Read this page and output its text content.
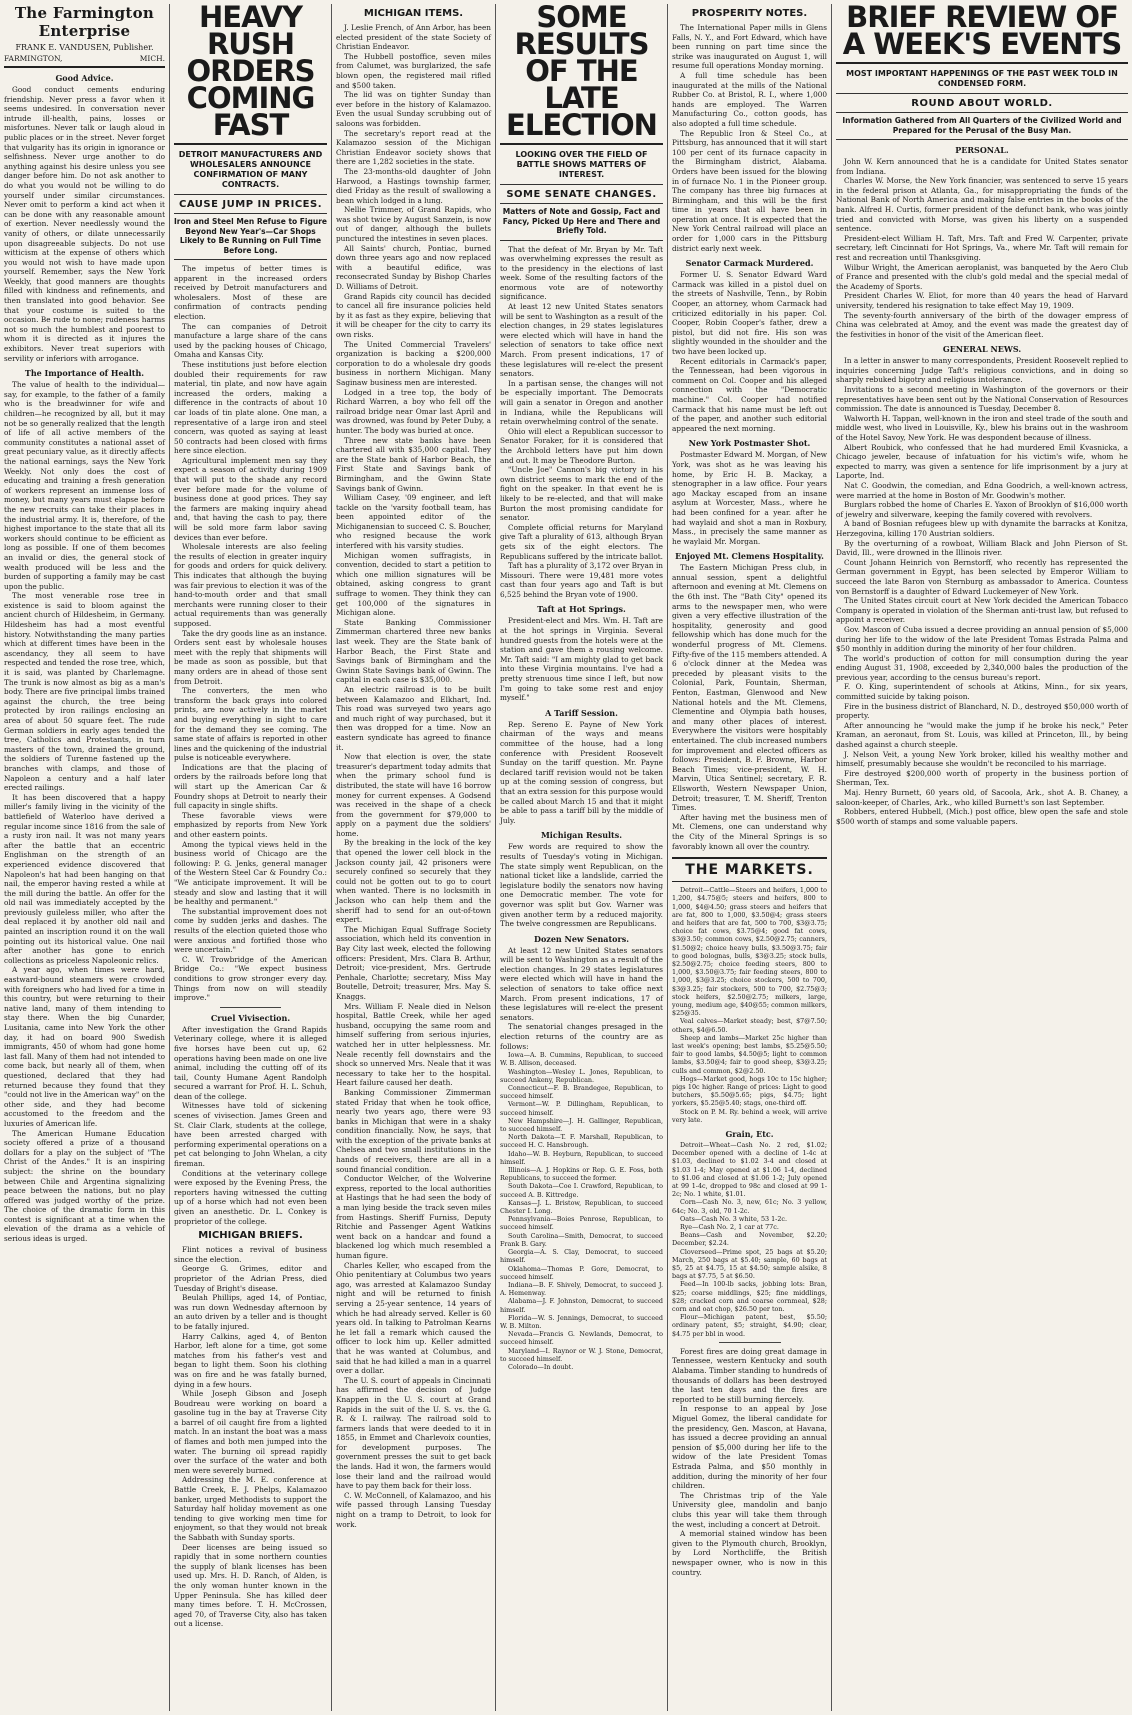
The Farmington Enterprise
FRANK E. VANDUSEN, Publisher.
FARMINGTON,	MICH.
Good Advice.

Good conduct cements enduring friendship. Never press a favor when it seems undesired. In conversation never intrude ill-health, pains, losses or misfortunes. Never talk or laugh aloud in public places or in the street. Never forget that vulgarity has its origin in ignorance or selfishness. Never urge another to do anything against his desire unless you see danger before him. Do not ask another to do what you would not be willing to do yourself under similar circumstances. Never omit to perform a kind act when it can be done with any reasonable amount of exertion. Never needlessly wound the vanity of others, or dilate unnecessarily upon disagreeable subjects. Do not use witticism at the expense of others which you would not wish to have made upon yourself. Remember, says the New York Weekly, that good manners are thoughts filled with kindness and refinements, and then translated into good behavior. See that your costume is suited to the occasion. Be rude to none; rudeness harms not so much the humblest and poorest to whom it is directed as it injures the exhibitors. Never treat superiors with servility or inferiors with arrogance.

The Importance of Health.

The value of health to the individual—say, for example, to the father of a family who is the breadwinner for wife and children—he recognized by all, but it may not be so generally realized that the length of life of all active members of the community constitutes a national asset of great pecuniary value, as it directly affects the national earnings, says the New York Weekly. Not only does the cost of educating and training a fresh generation of workers represent an immense loss of money, but many years must elapse before the new recruits can take their places in the industrial army. It is, therefore, of the highest importance to the state that all its workers should continue to be efficient as long as possible. If one of them becomes an invalid or dies, the general stock of wealth produced will be less and the burden of supporting a family may be cast upon the public.

The most venerable rose tree in existence is said to bloom against the ancient church of Hildesheim, in Germany. Hildesheim has had a most eventful history. Notwithstanding the many parties which at different times have been in the ascendancy, they all seem to have respected and tended the rose tree, which, it is said, was planted by Charlemagne. The trunk is now almost as big as a man's body. There are five principal limbs trained against the church, the tree being protected by iron railings enclosing an area of about 50 square feet. The rude German soldiers in early ages tended the tree, Catholics and Protestants, in turn masters of the town, drained the ground, the soldiers of Turenne fastened up the branches with clamps, and those of Napoleon a century and a half later erected railings.

It has been discovered that a happy miller's family living in the vicinity of the battlefield of Waterloo have derived a regular income since 1816 from the sale of a rusty iron nail. It was not many years after the battle that an eccentric Englishman on the strength of an experienced evidence discovered that Napoleon's hat had been hanging on that nail, the emperor having rested a while at the mill during the battle. An offer for the old nail was immediately accepted by the previously guileless miller, who after the deal replaced it by another old nail and painted an inscription round it on the wall pointing out its historical value. One nail after another has gone to enrich collections as priceless Napoleonic relics.

A year ago, when times were hard, eastward-bound steamers were crowded with foreigners who had lived for a time in this country, but were returning to their native land, many of them intending to stay there. When the big Cunarder, Lusitania, came into New York the other day, it had on board 900 Swedish immigrants, 450 of whom had gone home last fall. Many of them had not intended to come back, but nearly all of them, when questioned, declared that they had returned because they found that they "could not live in the American way" on the other side, and they had become accustomed to the freedom and the luxuries of American life.

The American Humane Education society offered a prize of a thousand dollars for a play on the subject of "The Christ of the Andes." It is an inspiring subject: the shrine on the boundary between Chile and Argentina signalizing peace between the nations, but no play offered was judged worthy of the prize. The choice of the dramatic form in this contest is significant at a time when the elevation of the drama as a vehicle of serious ideas is urged.

HEAVY RUSH ORDERS COMING FAST
DETROIT MANUFACTURERS AND WHOLESALERS ANNOUNCE CONFIRMATION OF MANY CONTRACTS.
CAUSE JUMP IN PRICES.
Iron and Steel Men Refuse to Figure Beyond New Year's—Car Shops Likely to Be Running on Full Time Before Long.

The impetus of better times is apparent in the increased orders received by Detroit manufacturers and wholesalers. Most of these are confirmation of contracts pending election.

The can companies of Detroit manufacture a large share of the cans used by the packing houses of Chicago, Omaha and Kansas City.

These institutions just before election doubled their requirements for raw material, tin plate, and now have again increased the orders, making a difference in the contracts of about 10 car loads of tin plate alone. One man, a representative of a large iron and steel concern, was quoted as saying at least 50 contracts had been closed with firms here since election.

Agricultural implement men say they expect a season of activity during 1909 that will put to the shade any record ever before made for the volume of business done at good prices. They say the farmers are making inquiry ahead and, that having the cash to pay, there will be sold more farm labor saving devices than ever before.

Wholesale interests are also feeling the results of election in greater inquiry for goods and orders for quick delivery. This indicates that although the buying was fair previous to election it was of the hand-to-mouth order and that small merchants were running closer to their actual requirements than was generally supposed.

Take the dry goods line as an instance. Orders sent east by wholesale houses meet with the reply that shipments will be made as soon as possible, but that many orders are in ahead of those sent from Detroit.

The converters, the men who transform the back grays into colored prints, are now actively in the market and buying everything in sight to care for the demand they see coming. The same state of affairs is reported in other lines and the quickening of the industrial pulse is noticeable everywhere.

Indications are that the placing of orders by the railroads before long that will start up the American Car & Foundry shops at Detroit to nearly their full capacity in single shifts.

These favorable views were emphasized by reports from New York and other eastern points.

Among the typical views held in the business world of Chicago are the following: P. G. Jenks, general manager of the Western Steel Car & Foundry Co.: "We anticipate improvement. It will be steady and slow and lasting that it will be healthy and permanent."

The substantial improvement does not come by sudden jerks and dashes. The results of the election quieted those who were anxious and fortified those who were uncertain."

C. W. Trowbridge of the American Bridge Co.: "We expect business conditions to grow stronger every day. Things from now on will steadily improve."

Cruel Vivisection.

After investigation the Grand Rapids Veterinary college, where it is alleged five horses have been cut up, 62 operations having been made on one live animal, including the cutting off of its tail, County Humane Agent Randolph secured a warrant for Prof. H. L. Schuh, dean of the college.

Witnesses have told of sickening scenes of vivisection. James Green and St. Clair Clark, students at the college, have been arrested charged with performing experimental operations on a pet cat belonging to John Whelan, a city fireman.

Conditions at the veterinary college were exposed by the Evening Press, the reporters having witnessed the cutting up of a horse which had not even been given an anesthetic. Dr. L. Conkey is proprietor of the college.

MICHIGAN BRIEFS.

Flint notices a revival of business since the election.

George G. Grimes, editor and proprietor of the Adrian Press, died Tuesday of Bright's disease.

Beulah Phillips, aged 14, of Pontiac, was run down Wednesday afternoon by an auto driven by a teller and is thought to be fatally injured.

Harry Calkins, aged 4, of Benton Harbor, left alone for a time, got some matches from his father's vest and began to light them. Soon his clothing was on fire and he was fatally burned, dying in a few hours.

While Joseph Gibson and Joseph Boudreau were working on board a gasoline tug in the bay at Traverse City a barrel of oil caught fire from a lighted match. In an instant the boat was a mass of flames and both men jumped into the water. The burning oil spread rapidly over the surface of the water and both men were severely burned.

Addressing the M. E. conference at Battle Creek, E. J. Phelps, Kalamazoo banker, urged Methodists to support the Saturday half holiday movement as one tending to give working men time for enjoyment, so that they would not break the Sabbath with Sunday sports.

Deer licenses are being issued so rapidly that in some northern counties the supply of blank licenses has been used up. Mrs. H. D. Ranch, of Alden, is the only woman hunter known in the Upper Peninsula. She has killed deer many times before. T. H. McCrossen, aged 70, of Traverse City, also has taken out a license.

MICHIGAN ITEMS.

J. Leslie French, of Ann Arbor, has been elected president of the state Society of Christian Endeavor.

The Hubbell postoffice, seven miles from Calumet, was burglarized, the safe blown open, the registered mail rifled and $500 taken.

The lid was on tighter Sunday than ever before in the history of Kalamazoo. Even the usual Sunday scrubbing out of saloons was forbidden.

The secretary's report read at the Kalamazoo session of the Michigan Christian Endeavor society shows that there are 1,282 societies in the state.

The 23-months-old daughter of John Harwood, a Hastings township farmer, died Friday as the result of swallowing a bean which lodged in a lung.

Nellie Trimmer, of Grand Rapids, who was shot twice by August Sanzein, is now out of danger, although the bullets punctured the intestines in seven places.

All Saints' church, Pontiac, burned down three years ago and now replaced with a beautiful edifice, was reconsecrated Sunday by Bishop Charles D. Williams of Detroit.

Grand Rapids city council has decided to cancel all fire insurance policies held by it as fast as they expire, believing that it will be cheaper for the city to carry its own risks.

The United Commercial Travelers' organization is backing a $200,000 corporation to do a wholesale dry goods business in northern Michigan. Many Saginaw business men are interested.

Lodged in a tree top, the body of Richard Warren, a boy who fell off the railroad bridge near Omar last April and was drowned, was found by Peter Duby, a hunter. The body was buried at once.

Three new state banks have been chartered all with $35,000 capital. They are the State bank of Harbor Beach, the First State and Savings bank of Birmingham, and the Gwinn State Savings bank of Gwinn.

William Casey, '09 engineer, and left tackle on the 'varsity football team, has been appointed editor of the Michiganensian to succeed C. S. Boucher, who resigned because the work interfered with his varsity studies.

Michigan women suffragists, in convention, decided to start a petition to which one million signatures will be obtained, asking congress to grant suffrage to women. They think they can get 100,000 of the signatures in Michigan alone.

State Banking Commissioner Zimmerman chartered three new banks last week. They are the State bank of Harbor Beach, the First State and Savings bank of Birmingham and the Gwinn State Savings bank of Gwinn. The capital in each case is $35,000.

An electric railroad is to be built between Kalamazoo and Elkhart, Ind. This road was surveyed two years ago and much right of way purchased, but it then was dropped for a time. Now an eastern syndicate has agreed to finance it.

Now that election is over, the state treasurer's department today admits that when the primary school fund is distributed, the state will have 16 borrow money for current expenses. A Godsend was received in the shape of a check from the government for $79,000 to apply on a payment due the soldiers' home.

By the breaking in the lock of the key that opened the lower cell block in the Jackson county jail, 42 prisoners were securely confined so securely that they could not be gotten out to go to court when wanted. There is no locksmith in Jackson who can help them and the sheriff had to send for an out-of-town expert.

The Michigan Equal Suffrage Society association, which held its convention in Bay City last week, elected the following officers: President, Mrs. Clara B. Arthur, Detroit; vice-president, Mrs. Gertrude Penhale, Charlotte; secretary, Miss May Boutelle, Detroit; treasurer, Mrs. May S. Knaggs.

Mrs. William F. Neale died in Nelson hospital, Battle Creek, while her aged husband, occupying the same room and himself suffering from serious injuries, watched her in utter helplessness. Mr. Neale recently fell downstairs and the shock so unnerved Mrs. Neale that it was necessary to take her to the hospital. Heart failure caused her death.

Banking Commissioner Zimmerman stated Friday that when he took office, nearly two years ago, there were 93 banks in Michigan that were in a shaky condition financially. Now, he says, that with the exception of the private banks at Chelsea and two small institutions in the hands of receivers, there are all in a sound financial condition.

Conductor Welcher, of the Wolverine express, reported to the local authorities at Hastings that he had seen the body of a man lying beside the track seven miles from Hastings. Sheriff Furniss, Deputy Ritchie and Passenger Agent Watkins went back on a handcar and found a blackened log which much resembled a human figure.

Charles Keller, who escaped from the Ohio penitentiary at Columbus two years ago, was arrested at Kalamazoo Sunday night and will be returned to finish serving a 25-year sentence, 14 years of which he had already served. Keller is 60 years old. In talking to Patrolman Kearns he let fall a remark which caused the officer to lock him up. Keller admitted that he was wanted at Columbus, and said that he had killed a man in a quarrel over a dollar.

The U. S. court of appeals in Cincinnati has affirmed the decision of Judge Knappen in the U. S. court at Grand Rapids in the suit of the U. S. vs. the G. R. & I. railway. The railroad sold to farmers lands that were deeded to it in 1855, in Emmet and Charlevoix counties, for development purposes. The government presses the suit to get back the lands. Had it won, the farmers would lose their land and the railroad would have to pay them back for their loss.

C. W. McConnell, of Kalamazoo, and his wife passed through Lansing Tuesday night on a tramp to Detroit, to look for work.

SOME RESULTS OF THE LATE ELECTION
LOOKING OVER THE FIELD OF BATTLE SHOWS MATTERS OF INTEREST.
SOME SENATE CHANGES.
Matters of Note and Gossip, Fact and Fancy, Picked Up Here and There and Briefly Told.

That the defeat of Mr. Bryan by Mr. Taft was overwhelming expresses the result as to the presidency in the elections of last week. Some of the resulting factors of the enormous vote are of noteworthy significance.

At least 12 new United States senators will be sent to Washington as a result of the election changes, in 29 states legislatures were elected which will have in hand the selection of senators to take office next March. From present indications, 17 of these legislatures will re-elect the present senators.

In a partisan sense, the changes will not be especially important. The Democrats will gain a senator in Oregon and another in Indiana, while the Republicans will retain overwhelming control of the senate.

Ohio will elect a Republican successor to Senator Foraker, for it is considered that the Archbold letters have put him down and out. It may be Theodore Burton.

"Uncle Joe" Cannon's big victory in his own district seems to mark the end of the fight on the speaker. In that event he is likely to be re-elected, and that will make Burton the most promising candidate for senator.

Complete official returns for Maryland give Taft a plurality of 613, although Bryan gets six of the eight electors. The Republicans suffered by the intricate ballot.

Taft has a plurality of 3,172 over Bryan in Missouri. There were 19,481 more votes cast than four years ago and Taft is but 6,525 behind the Bryan vote of 1900.

Taft at Hot Springs.

President-elect and Mrs. Wm. H. Taft are at the hot springs in Virginia. Several hundred guests from the hotels were at the station and gave them a rousing welcome. Mr. Taft said: "I am mighty glad to get back into these Virginia mountains. I've had a pretty strenuous time since I left, but now I'm going to take some rest and enjoy myself."

A Tariff Session.

Rep. Sereno E. Payne of New York chairman of the ways and means committee of the house, had a long conference with President Roosevelt Sunday on the tariff question. Mr. Payne declared tariff revision would not be taken up at the coming session of congress, but that an extra session for this purpose would be called about March 15 and that it might be able to pass a tariff bill by the middle of July.

Michigan Results.

Few words are required to show the results of Tuesday's voting in Michigan. The state simply went Republican, on the national ticket like a landslide, carried the legislature bodily the senators now having one Democratic member. The vote for governor was split but Gov. Warner was given another term by a reduced majority. The twelve congressmen are Republicans.

Dozen New Senators.

At least 12 new United States senators will be sent to Washington as a result of the election changes. In 29 states legislatures were elected which will have in hand the selection of senators to take office next March. From present indications, 17 of these legislatures will re-elect the present senators.

The senatorial changes presaged in the election returns of the country are as follows:

Iowa—A. B. Cummins, Republican, to succeed W. B. Allison, deceased.

Washington—Wesley L. Jones, Republican, to succeed Ankeny, Republican.

Connecticut—F. B. Brandegee, Republican, to succeed himself.

Vermont—W. P. Dillingham, Republican, to succeed himself.

New Hampshire—J. H. Gallinger, Republican, to succeed himself.

North Dakota—T. F. Marshall, Republican, to succeed H. C. Hansbrough.

Idaho—W. B. Heyburn, Republican, to succeed himself.

Illinois—A. J. Hopkins or Rep. G. E. Foss, both Republicans, to succeed the former.

South Dakota—Coe I. Crawford, Republican, to succeed A. B. Kittredge.

Kansas—J. L. Bristow, Republican, to succeed Chester I. Long.

Pennsylvania—Boies Penrose, Republican, to succeed himself.

South Carolina—Smith, Democrat, to succeed Frank B. Gary.

Georgia—A. S. Clay, Democrat, to succeed himself.

Oklahoma—Thomas P. Gore, Democrat, to succeed himself.

Indiana—B. F. Shively, Democrat, to succeed J. A. Hemenway.

Alabama—J. F. Johnston, Democrat, to succeed himself.

Florida—W. S. Jennings, Democrat, to succeed W. B. Milton.

Nevada—Francis G. Newlands, Democrat, to succeed himself.

Maryland—I. Raynor or W. J. Stone, Democrat, to succeed himself.

Colorado—In doubt.

PROSPERITY NOTES.

The International Paper mills in Glens Falls, N. Y., and Fort Edward, which have been running on part time since the strike was inaugurated on August 1, will resume full operations Monday morning.

A full time schedule has been inaugurated at the mills of the National Rubber Co. at Bristol, R. I., where 1,000 hands are employed. The Warren Manufacturing Co., cotton goods, has also adopted a full time schedule.

The Republic Iron & Steel Co., at Pittsburg, has announced that it will start 100 per cent of its furnace capacity in the Birmingham district, Alabama. Orders have been issued for the blowing in of furnace No. 1 in the Pioneer group. The company has three big furnaces at Birmingham, and this will be the first time in years that all have been in operation at once. It is expected that the New York Central railroad will place an order for 1,000 cars in the Pittsburg district early next week.

Senator Carmack Murdered.

Former U. S. Senator Edward Ward Carmack was killed in a pistol duel on the streets of Nashville, Tenn., by Robin Cooper, an attorney, whom Carmack had criticized editorially in his paper. Col. Cooper, Robin Cooper's father, drew a pistol, but did not fire. His son was slightly wounded in the shoulder and the two have been locked up.

Recent editorials in Carmack's paper, the Tennessean, had been vigorous in comment on Col. Cooper and his alleged connection with the "Democratic machine." Col. Cooper had notified Carmack that his name must be left out of the paper, and another such editorial appeared the next morning.

New York Postmaster Shot.

Postmaster Edward M. Morgan, of New York, was shot as he was leaving his home, by Eric H. B. Mackay, a stenographer in a law office. Four years ago Mackay escaped from an insane asylum at Worcester, Mass., where he had been confined for a year. after he had waylaid and shot a man in Roxbury, Mass., in precisely the same manner as he waylaid Mr. Morgan.

Enjoyed Mt. Clemens Hospitality.

The Eastern Michigan Press club, in annual session, spent a delightful afternoon and evening at Mt. Clemens on the 6th inst. The "Bath City" opened its arms to the newspaper men, who were given a very effective illustration of the hospitality, generosity and good fellowship which has done much for the wonderful progress of Mt. Clemens. Fifty-five of the 115 members attended. A 6 o'clock dinner at the Medea was preceded by pleasant visits to the Colonial, Park, Fountain, Sherman, Fenton, Eastman, Glenwood and New National hotels and the Mt. Clemens, Clementine and Olympia bath houses, and many other places of interest. Everywhere the visitors were hospitably entertained. The club increased numbers for improvement and elected officers as follows: President, B. F. Browne, Harbor Beach Times; vice-president, W. H. Marvin, Utica Sentinel; secretary, F. R. Ellsworth, Western Newspaper Union, Detroit; treasurer, T. M. Sheriff, Trenton Times.

After having met the business men of Mt. Clemens, one can understand why the City of the Mineral Springs is so favorably known all over the country.

THE MARKETS.

Detroit—Cattle—Steers and heifers, 1,000 to 1,200, $4.75@5; steers and heifers, 800 to 1,000, $4@4.50; grass steers and heifers that are fat, 800 to 1,000, $3.50@4; grass steers and heifers that are fat, 500 to 700, $3@3.75; choice fat cows, $3.75@4; good fat cows, $3@3.50; common cows, $2.50@2.75; canners, $1.50@2; choice heavy bulls, $3.50@3.75; fair to good bolognas, bulls, $3@3.25; stock bulls, $2.50@2.75; choice feeding steers, 800 to 1,000, $3.50@3.75; fair feeding steers, 800 to 1,000, $3@3.25; choice stockers, 500 to 700, $3@3.25; fair stockers, 500 to 700, $2.75@3; stock heifers, $2.50@2.75; milkers, large, young, medium age, $40@55; common milkers, $25@35.

Veal calves—Market steady; best, $7@7.50; others, $4@6.50.

Sheep and lambs—Market 25c higher than last week's opening; best lambs, $5.25@5.50; fair to good lambs, $4.50@5; light to common lambs, $3.50@4; fair to good sheep, $3@3.25; culls and common, $2@2.50.

Hogs—Market good, hogs 10c to 15c higher; pigs 10c higher. Range of prices: Light to good butchers, $5.50@5.65; pigs, $4.75; light yorkers, $5.25@5.40; stags, one-third off.

Stock on P. M. Ry. behind a week, will arrive very late.

Grain, Etc.

Detroit—Wheat—Cash No. 2 red, $1.02; December opened with a decline of 1-4c at $1.03, declined to $1.02 3-4 and closed at $1.03 1-4; May opened at $1.06 1-4, declined to $1.06 and closed at $1.06 1-2; July opened at 99 1-4c, dropped to 98c and closed at 99 1-2c; No. 1 white, $1.01.

Corn—Cash No. 3, new, 61c; No. 3 yellow, 64c; No. 3, old, 70 1-2c.

Oats—Cash No. 3 white, 53 1-2c.

Rye—Cash No. 2, 1 car at 77c.

Beans—Cash and November, $2.20; December, $2.24.

Cloverseed—Prime spot, 25 bags at $5.20; March, 250 bags at $5.40; sample, 60 bags at $5, 25 at $4.75, 15 at $4.50; sample alsike, 8 bags at $7.75, 5 at $6.50.

Feed—In 100-lb sacks, jobbing lots: Bran, $25; coarse middlings, $25; fine middlings, $28; cracked corn and coarse cornmeal, $28; corn and oat chop, $26.50 per ton.

Flour—Michigan patent, best, $5.50; ordinary patent, $5; straight, $4.90; clear, $4.75 per bbl in wood.

Forest fires are doing great damage in Tennessee, western Kentucky and south Alabama. Timber standing to hundreds of thousands of dollars has been destroyed the last ten days and the fires are reported to be still burning fiercely.

In response to an appeal by Jose Miguel Gomez, the liberal candidate for the presidency, Gen. Mascon, at Havana, has issued a decree providing an annual pension of $5,000 during her life to the widow of the late President Tomas Estrada Palma, and $50 monthly in addition, during the minority of her four children.

The Christmas trip of the Yale University glee, mandolin and banjo clubs this year will take them through the west, including a concert at Detroit.

A memorial stained window has been given to the Plymouth church, Brooklyn, by Lord Northcliffe, the British newspaper owner, who is now in this country.

BRIEF REVIEW OF A WEEK'S EVENTS
MOST IMPORTANT HAPPENINGS OF THE PAST WEEK TOLD IN CONDENSED FORM.
ROUND ABOUT WORLD.
Information Gathered from All Quarters of the Civilized World and Prepared for the Perusal of the Busy Man.
PERSONAL.

John W. Kern announced that he is a candidate for United States senator from Indiana.

Charles W. Morse, the New York financier, was sentenced to serve 15 years in the federal prison at Atlanta, Ga., for misappropriating the funds of the National Bank of North America and making false entries in the books of the bank. Alfred H. Curtis, former president of the defunct bank, who was jointly tried and convicted with Morse, was given his liberty on a suspended sentence.

President-elect William H. Taft, Mrs. Taft and Fred W. Carpenter, private secretary, left Cincinnati for Hot Springs, Va., where Mr. Taft will remain for rest and recreation until Thanksgiving.

Wilbur Wright, the American aeroplanist, was banqueted by the Aero Club of France and presented with the club's gold medal and the special medal of the Academy of Sports.

President Charles W. Eliot, for more than 40 years the head of Harvard university, tendered his resignation to take effect May 19, 1909.

The seventy-fourth anniversary of the birth of the dowager empress of China was celebrated at Amoy, and the event was made the greatest day of the festivities in honor of the visit of the American fleet.

GENERAL NEWS.

In a letter in answer to many correspondents, President Roosevelt replied to inquiries concerning Judge Taft's religious convictions, and in doing so sharply rebuked bigotry and religious intolerance.

Invitations to a second meeting in Washington of the governors or their representatives have been sent out by the National Conservation of Resources commission. The date is announced is Tuesday, December 8.

Walworth H. Tappan, well-known in the iron and steel trade of the south and middle west, who lived in Louisville, Ky., blew his brains out in the washroom of the Hotel Savoy, New York. He was despondent because of illness.

Albert Roubick, who confessed that he had murdered Emil Kvasnicka, a Chicago jeweler, because of infatuation for his victim's wife, whom he expected to marry, was given a sentence for life imprisonment by a jury at Laporte, Ind.

Nat C. Goodwin, the comedian, and Edna Goodrich, a well-known actress, were married at the home in Boston of Mr. Goodwin's mother.

Burglars robbed the home of Charles E. Yaxon of Brooklyn of $16,000 worth of jewelry and silverware, keeping the family covered with revolvers.

A band of Bosnian refugees blew up with dynamite the barracks at Konitza, Herzegovina, killing 170 Austrian soldiers.

By the overturning of a rowboat, William Black and John Pierson of St. David, Ill., were drowned in the Illinois river.

Count Johann Heinrich von Bernstorff, who recently has represented the German government in Egypt, has been selected by Emperor William to succeed the late Baron von Sternburg as ambassador to America. Countess von Bernstorff is a daughter of Edward Luckemeyer of New York.

The United States circuit court at New York decided the American Tobacco Company is operated in violation of the Sherman anti-trust law, but refused to appoint a receiver.

Gov. Mascon of Cuba issued a decree providing an annual pension of $5,000 during her life to the widow of the late President Tomas Estrada Palma and $50 monthly in addition during the minority of her four children.

The world's production of cotton for mill consumption during the year ending August 31, 1908, exceeded by 2,340,000 bales the production of the previous year, according to the census bureau's report.

F. O. King, superintendent of schools at Atkins, Minn., for six years, committed suicide by taking poison.

Fire in the business district of Blanchard, N. D., destroyed $50,000 worth of property.

After announcing he "would make the jump if he broke his neck," Peter Kraman, an aeronaut, from St. Louis, was killed at Princeton, Ill., by being dashed against a church steeple.

J. Nelson Veit, a young New York broker, killed his wealthy mother and himself, presumably because she wouldn't be reconciled to his marriage.

Fire destroyed $200,000 worth of property in the business portion of Sherman, Tex.

Maj. Henry Burnett, 60 years old, of Sacoola, Ark., shot A. B. Chaney, a saloon-keeper, of Charles, Ark., who killed Burnett's son last September.

Robbers, entered Hubbell, (Mich.) post office, blew open the safe and stole $500 worth of stamps and some valuable papers.
